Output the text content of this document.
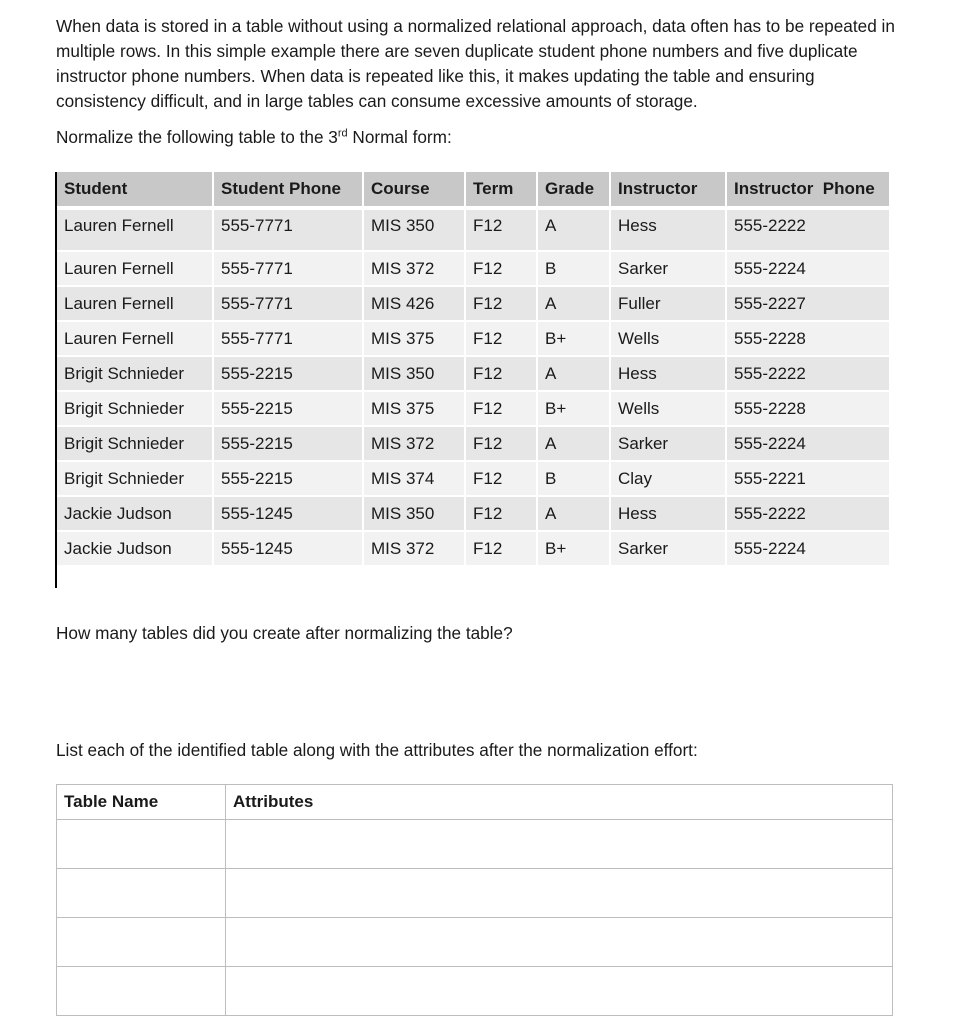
When data is stored in a table without using a normalized relational approach, data often has to be repeated in multiple rows. In this simple example there are seven duplicate student phone numbers and five duplicate instructor phone numbers. When data is repeated like this, it makes updating the table and ensuring consistency difficult, and in large tables can consume excessive amounts of storage.

Normalize the following table to the 3rd Normal form:

Student	Student Phone	Course	Term	Grade	Instructor	Instructor  Phone
Lauren Fernell	555-7771	MIS 350	F12	A	Hess	555-2222
Lauren Fernell	555-7771	MIS 372	F12	B	Sarker	555-2224
Lauren Fernell	555-7771	MIS 426	F12	A	Fuller	555-2227
Lauren Fernell	555-7771	MIS 375	F12	B+	Wells	555-2228
Brigit Schnieder	555-2215	MIS 350	F12	A	Hess	555-2222
Brigit Schnieder	555-2215	MIS 375	F12	B+	Wells	555-2228
Brigit Schnieder	555-2215	MIS 372	F12	A	Sarker	555-2224
Brigit Schnieder	555-2215	MIS 374	F12	B	Clay	555-2221
Jackie Judson	555-1245	MIS 350	F12	A	Hess	555-2222
Jackie Judson	555-1245	MIS 372	F12	B+	Sarker	555-2224

How many tables did you create after normalizing the table?

List each of the identified table along with the attributes after the normalization effort:

Table Name	Attributes
